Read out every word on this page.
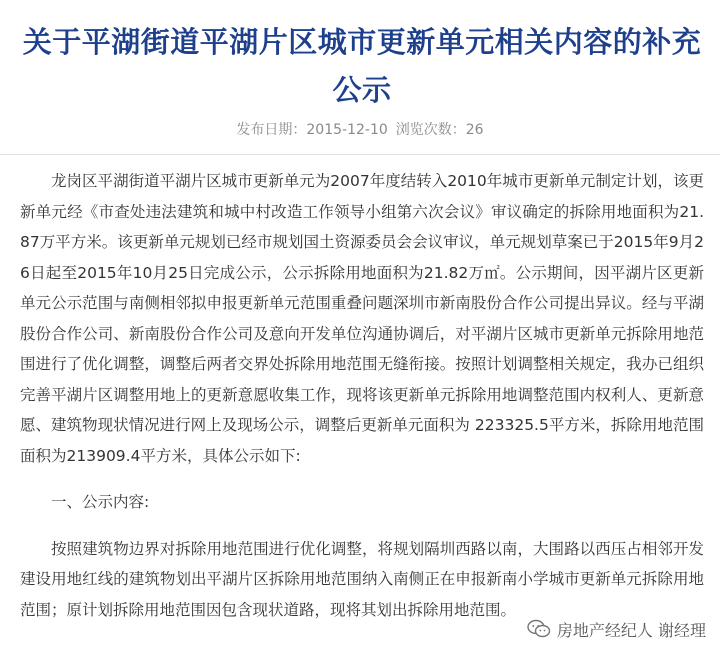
关于平湖街道平湖片区城市更新单元相关内容的补充公示
发布日期：2015-12-10 浏览次数：26

龙岗区平湖街道平湖片区城市更新单元为2007年度结转入2010年城市更新单元制定计划，该更新单元经《市查处违法建筑和城中村改造工作领导小组第六次会议》审议确定的拆除用地面积为21.87万平方米。该更新单元规划已经市规划国土资源委员会会议审议，单元规划草案已于2015年9月26日起至2015年10月25日完成公示，公示拆除用地面积为21.82万㎡。公示期间，因平湖片区更新单元公示范围与南侧相邻拟申报更新单元范围重叠问题深圳市新南股份合作公司提出异议。经与平湖股份合作公司、新南股份合作公司及意向开发单位沟通协调后，对平湖片区城市更新单元拆除用地范围进行了优化调整，调整后两者交界处拆除用地范围无缝衔接。按照计划调整相关规定，我办已组织完善平湖片区调整用地上的更新意愿收集工作，现将该更新单元拆除用地调整范围内权利人、更新意愿、建筑物现状情况进行网上及现场公示，调整后更新单元面积为 223325.5平方米，拆除用地范围面积为213909.4平方米，具体公示如下:

一、公示内容:

按照建筑物边界对拆除用地范围进行优化调整，将规划隔圳西路以南，大围路以西压占相邻开发建设用地红线的建筑物划出平湖片区拆除用地范围纳入南侧正在申报新南小学城市更新单元拆除用地范围；原计划拆除用地范围因包含现状道路，现将其划出拆除用地范围。

房地产经纪人 谢经理
